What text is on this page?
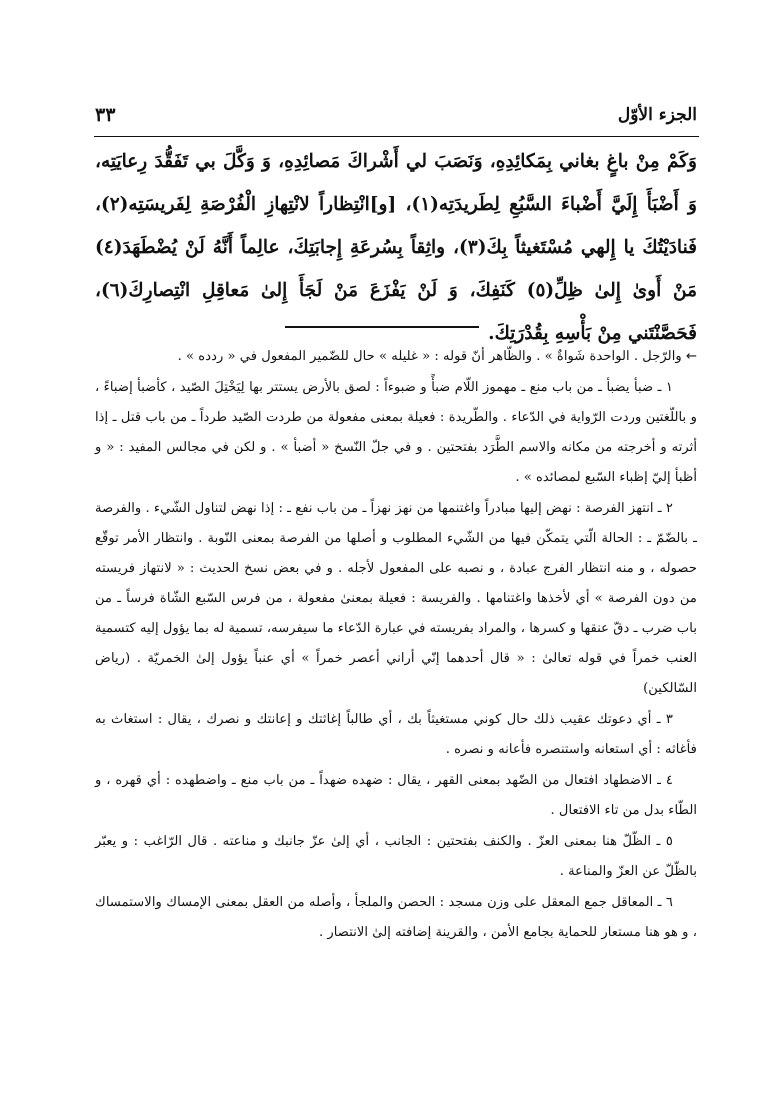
الجزء الأوّل
٣٣

وَكَمْ مِنْ باغٍ بغاني بِمَكائِدِهِ، وَنَصَبَ لي أَشْراكَ مَصائِدِهِ، وَ وَكَّلَ بي تَفَقُّدَ رِعايَتِه، وَ أَضْبَأَ إِلَيَّ أَضْباءَ السَّبُعِ لِطَريدَتِه(١)، [و]انْتِظاراً لانْتِهازِ الْفُرْصَةِ لِفَريسَتِه(٢)، فَنادَيْتُكَ يا إِلهي مُسْتَغيثاً بِكَ(٣)، واثِقاً بِسُرعَةِ إِجابَتِكَ، عالِماً أَنَّهُ لَنْ يُضْطَهَدَ(٤) مَنْ أَوىٰ إِلىٰ ظِلِّ(٥) كَنَفِكَ، وَ لَنْ يَفْزَعَ مَنْ لَجَأَ إِلىٰ مَعاقِلِ انْتِصارِكَ(٦)، فَحَصَّنْتَني مِنْ بَأْسِهِ بِقُدْرَتِكَ.

← والرّجل . الواحدة شَواةٌ » . والظّاهر أنّ قوله : « غليله » حال للضّمير المفعول في « ردده » .

١ ـ ضبأ يضبأ ـ من باب منع ـ مهموز اللّام ضبأً و ضبوءاً : لصق بالأرض يستتر بها لِيَخْتِلَ الصّيد ، كأضبأ إضباءً ، و باللّغتين وردت الرّواية في الدّعاء . والطّريدة : فعيلة بمعنى مفعولة من طردت الصّيد طرداً ـ من باب قتل ـ إذا أثرته و أخرجته من مكانه والاسم الطَّرَد بفتحتين . و في جلّ النّسخ « أضبأ » . و لكن في مجالس المفيد : « و أظبأ إليّ إظباء السّبع لمصائده » .

٢ ـ انتهز الفرصة : نهض إليها مبادراً واغتنمها من نهز نهزاً ـ من باب نفع ـ : إذا نهض لتناول الشّيء . والفرصة ـ بالضّمّ ـ : الحالة الّتي يتمكّن فيها من الشّيء المطلوب و أصلها من الفرصة بمعنى النّوبة . وانتظار الأمر توقّع حصوله ، و منه انتظار الفرج عبادة ، و نصبه على المفعول لأجله . و في بعض نسخ الحديث : « لانتهاز فريسته من دون الفرصة » أي لأخذها واغتنامها . والفريسة : فعيلة بمعنىٰ مفعولة ، من فرس السّبع الشّاة فرساً ـ من باب ضرب ـ دقّ عنقها و كسرها ، والمراد بفريسته في عبارة الدّعاء ما سيفرسه، تسمية له بما يؤول إليه كتسمية العنب خمراً في قوله تعالىٰ : « قال أحدهما إنّي أراني أعصر خمراً » أي عنباً يؤول إلىٰ الخمريّة . (رياض السّالكين)

٣ ـ أي دعوتك عقيب ذلك حال كوني مستغيثاً بك ، أي طالباً إغاثتك و إعانتك و نصرك ، يقال : استغاث به فأغاثه : أي استعانه واستنصره فأعانه و نصره .

٤ ـ الاضطهاد افتعال من الضّهد بمعنى القهر ، يقال : ضهده ضهداً ـ من باب منع ـ واضطهده : أي قهره ، و الطّاء بدل من تاء الافتعال .

٥ ـ الظّلّ هنا بمعنى العزّ . والكنف بفتحتين : الجانب ، أي إلىٰ عزّ جانبك و مناعته . قال الرّاغب : و يعبّر بالظّلّ عن العزّ والمناعة .

٦ ـ المعاقل جمع المعقل على وزن مسجد : الحصن والملجأ ، وأصله من العقل بمعنى الإمساك والاستمساك ، و هو هنا مستعار للحماية بجامع الأمن ، والقرينة إضافته إلىٰ الانتصار .
